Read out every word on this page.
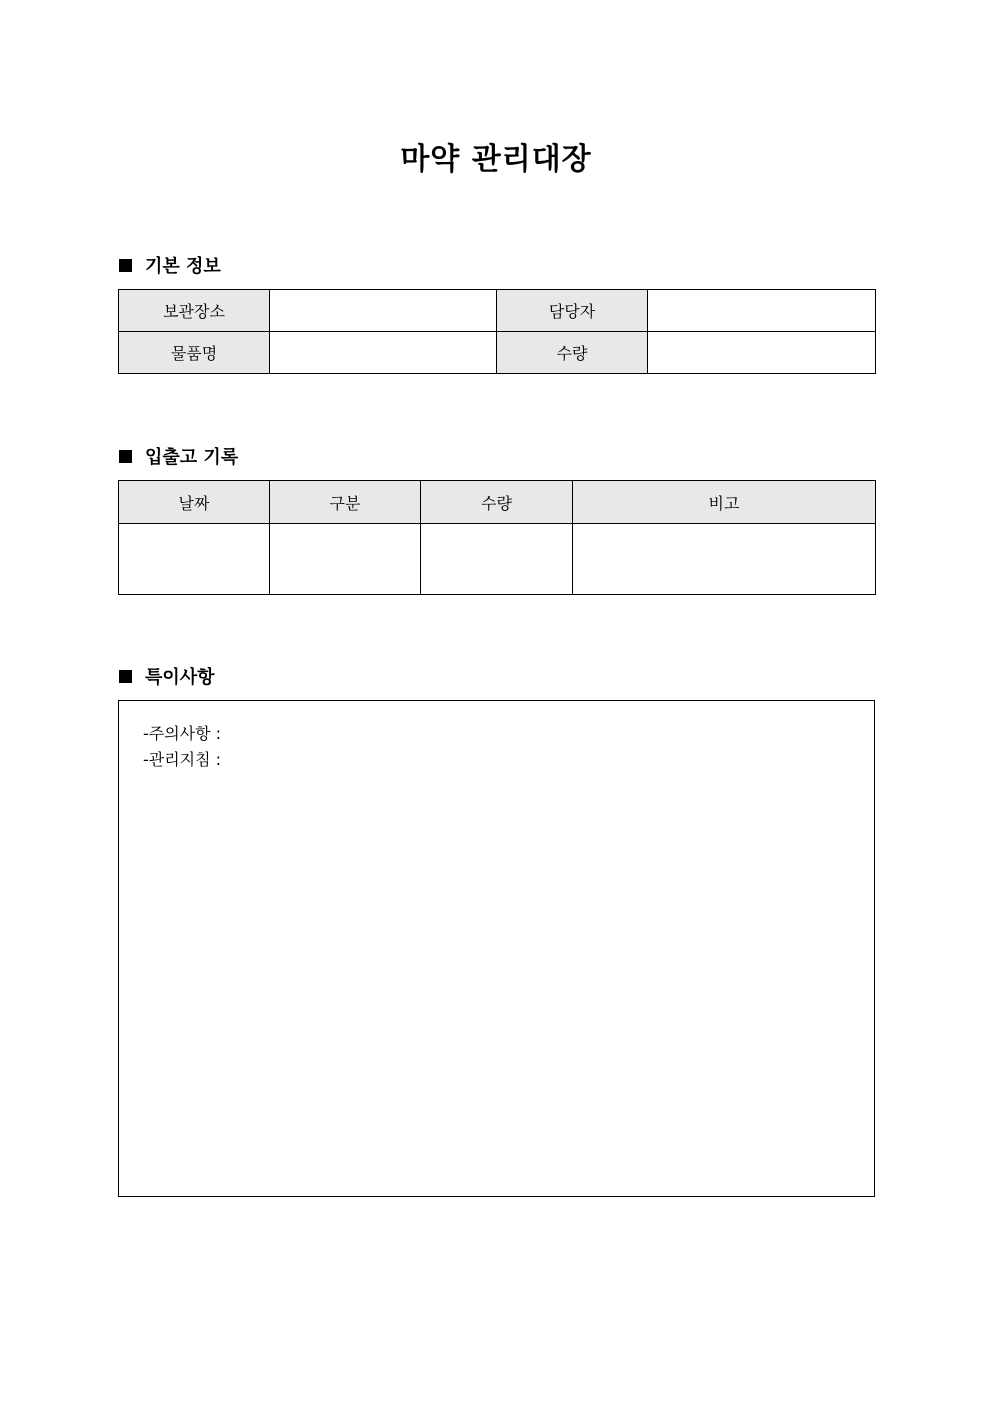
마약 관리대장
기본 정보
보관장소		담당자	
물품명		수량	
입출고 기록
날짜	구분	수량	비고

특이사항
-주의사항 :
-관리지침 :
